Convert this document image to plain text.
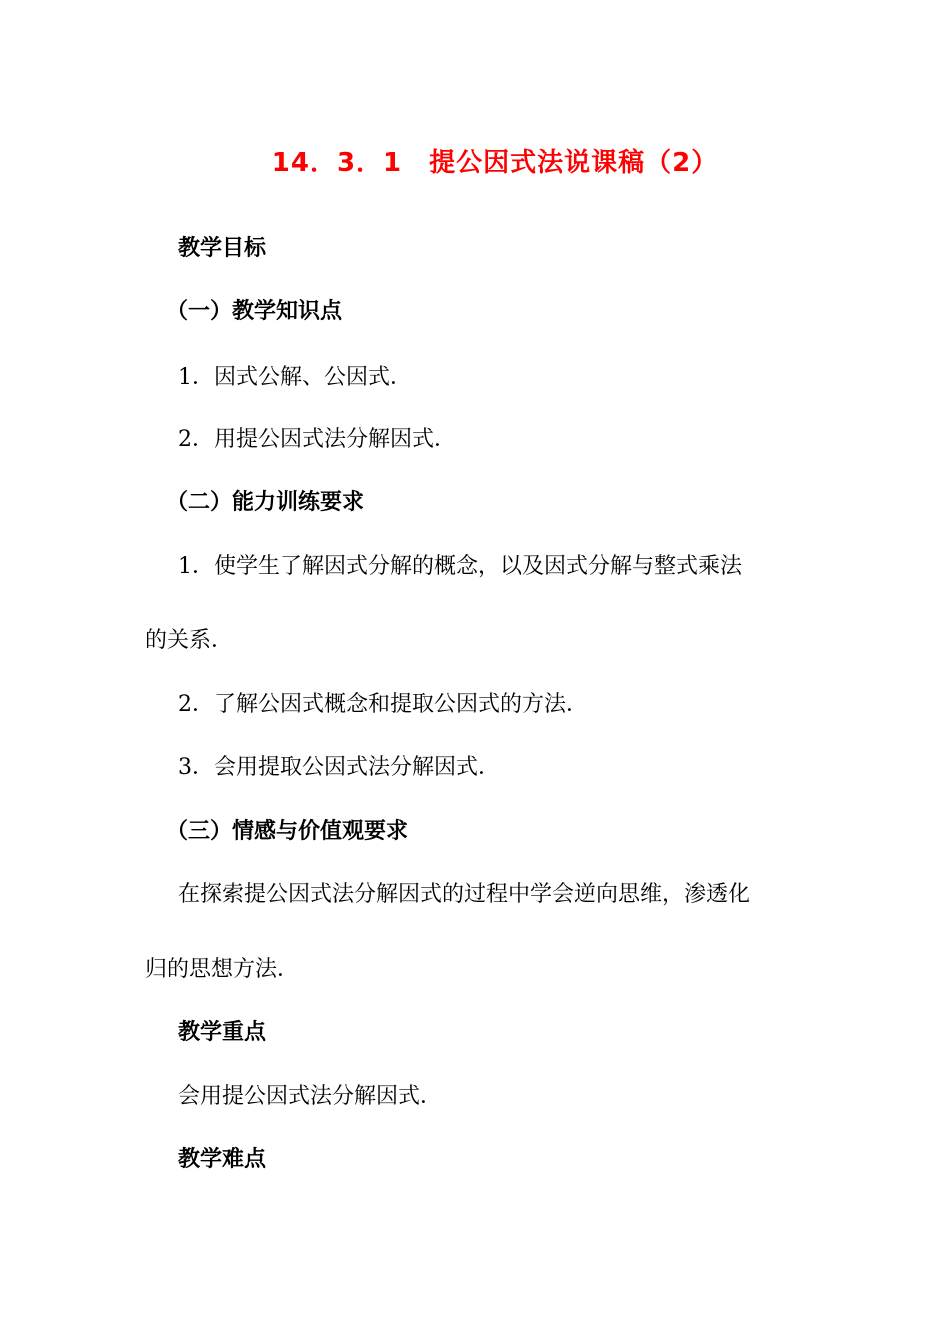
14．3．1　提公因式法说课稿（2）
教学目标
（一）教学知识点
1．因式公解、公因式．
2．用提公因式法分解因式．
（二）能力训练要求
1．使学生了解因式分解的概念，以及因式分解与整式乘法
的关系．
2．了解公因式概念和提取公因式的方法．
3．会用提取公因式法分解因式．
（三）情感与价值观要求
在探索提公因式法分解因式的过程中学会逆向思维，渗透化
归的思想方法．
教学重点
会用提公因式法分解因式．
教学难点
